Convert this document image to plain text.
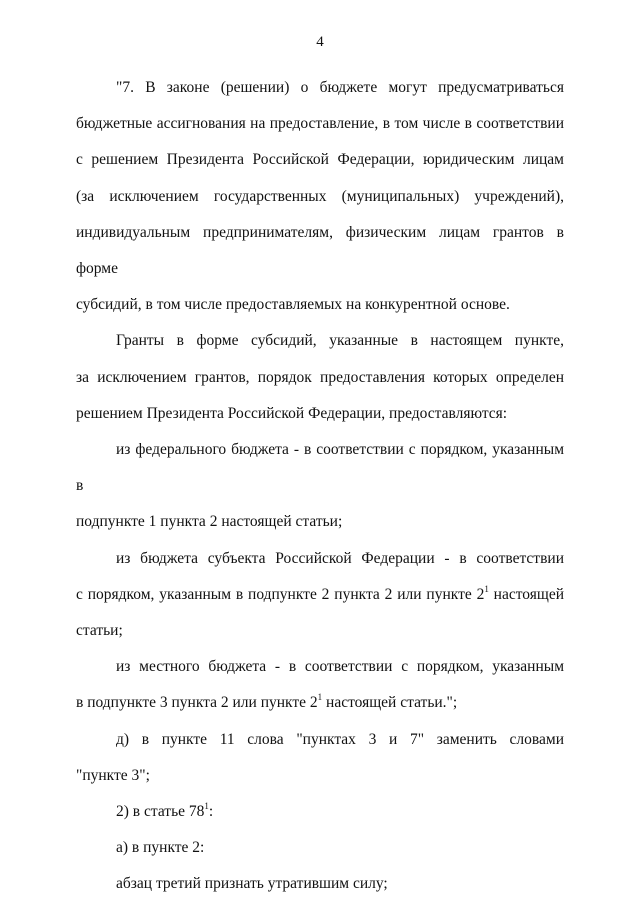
4

"7. В законе (решении) о бюджете могут предусматриваться
бюджетные ассигнования на предоставление, в том числе в соответствии
с решением Президента Российской Федерации, юридическим лицам
(за исключением государственных (муниципальных) учреждений),
индивидуальным предпринимателям, физическим лицам грантов в форме
субсидий, в том числе предоставляемых на конкурентной основе.

Гранты в форме субсидий, указанные в настоящем пункте,
за исключением грантов, порядок предоставления которых определен
решением Президента Российской Федерации, предоставляются:

из федерального бюджета - в соответствии с порядком, указанным в
подпункте 1 пункта 2 настоящей статьи;

из бюджета субъекта Российской Федерации - в соответствии
с порядком, указанным в подпункте 2 пункта 2 или пункте $2^1$ настоящей
статьи;

из местного бюджета - в соответствии с порядком, указанным
в подпункте 3 пункта 2 или пункте $2^1$ настоящей статьи.";

д) в пункте 11 слова "пунктах 3 и 7" заменить словами
"пункте 3";

2) в статье $78^1$:

а) в пункте 2:

абзац третий признать утратившим силу;
